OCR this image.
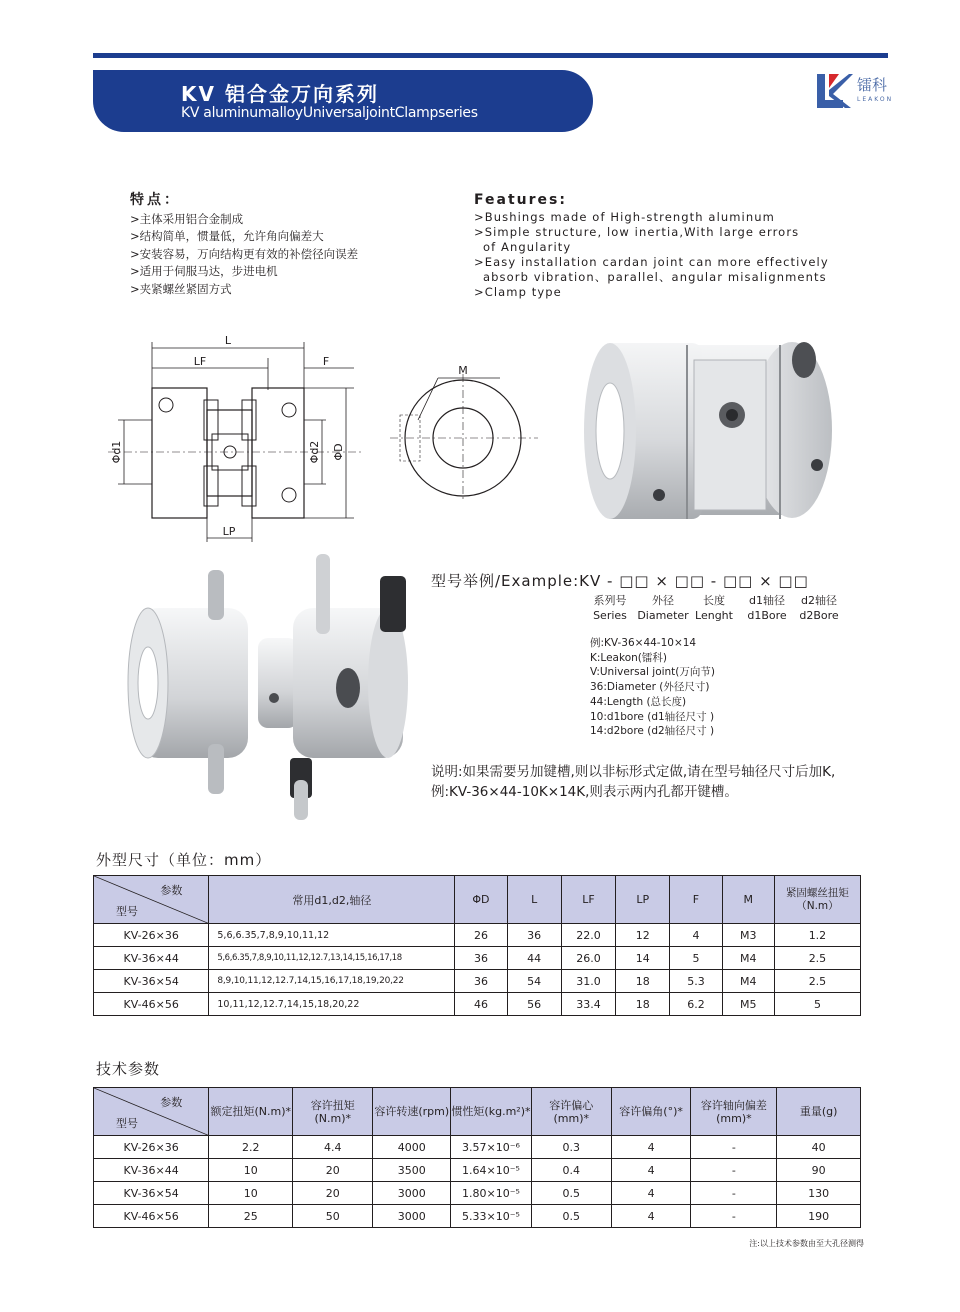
KV 铝合金万向系列
KV aluminumalloyUniversaljointClampseries
镭科
LEAKON
特点：
>主体采用铝合金制成
>结构简单，惯量低，允许角向偏差大
>安装容易，万向结构更有效的补偿径向误差
>适用于伺服马达，步进电机
>夹紧螺丝紧固方式
Features:
>Bushings made of High-strength aluminum
>Simple structure, low inertia,With large errors
of Angularity
>Easy installation cardan joint can more effectively
absorb vibration、parallel、angular misalignments
>Clamp type
L
LF	F
LP
Φd1	Φd2 ΦD
M
型号举例/Example:KV - □□ × □□ - □□ × □□
系列号
Series
外径
Diameter
长度
Lenght
d1轴径
d1Bore
d2轴径
d2Bore
例:KV-36×44-10×14
K:Leakon(镭科)
V:Universal joint(万向节)
36:Diameter (外径尺寸)
44:Length (总长度)
10:d1bore (d1轴径尺寸 )
14:d2bore (d2轴径尺寸 )
说明:如果需要另加键槽,则以非标形式定做,请在型号轴径尺寸后加K,
例:KV-36×44-10K×14K,则表示两内孔都开键槽。
外型尺寸（单位：mm）
参数
型号	常用d1,d2,轴径	ΦD	L	LF	LP	F	M	紧固螺丝扭矩（N.m）
KV-26×36	5,6,6.35,7,8,9,10,11,12	26	36	22.0	12	4	M3	1.2
KV-36×44	5,6,6.35,7,8,9,10,11,12,12.7,13,14,15,16,17,18	36	44	26.0	14	5	M4	2.5
KV-36×54	8,9,10,11,12,12.7,14,15,16,17,18,19,20,22	36	54	31.0	18	5.3	M4	2.5
KV-46×56	10,11,12,12.7,14,15,18,20,22	46	56	33.4	18	6.2	M5	5
技术参数
参数
型号	额定扭矩(N.m)*	容许扭矩(N.m)*	容许转速(rpm)	惯性矩(kg.m²)*	容许偏心(mm)*	容许偏角(°)*	容许轴向偏差(mm)*	重量(g)
KV-26×36	2.2	4.4	4000	3.57×10⁻⁶	0.3	4	-	40
KV-36×44	10	20	3500	1.64×10⁻⁵	0.4	4	-	90
KV-36×54	10	20	3000	1.80×10⁻⁵	0.5	4	-	130
KV-46×56	25	50	3000	5.33×10⁻⁵	0.5	4	-	190
注:以上技术参数由至大孔径测得
